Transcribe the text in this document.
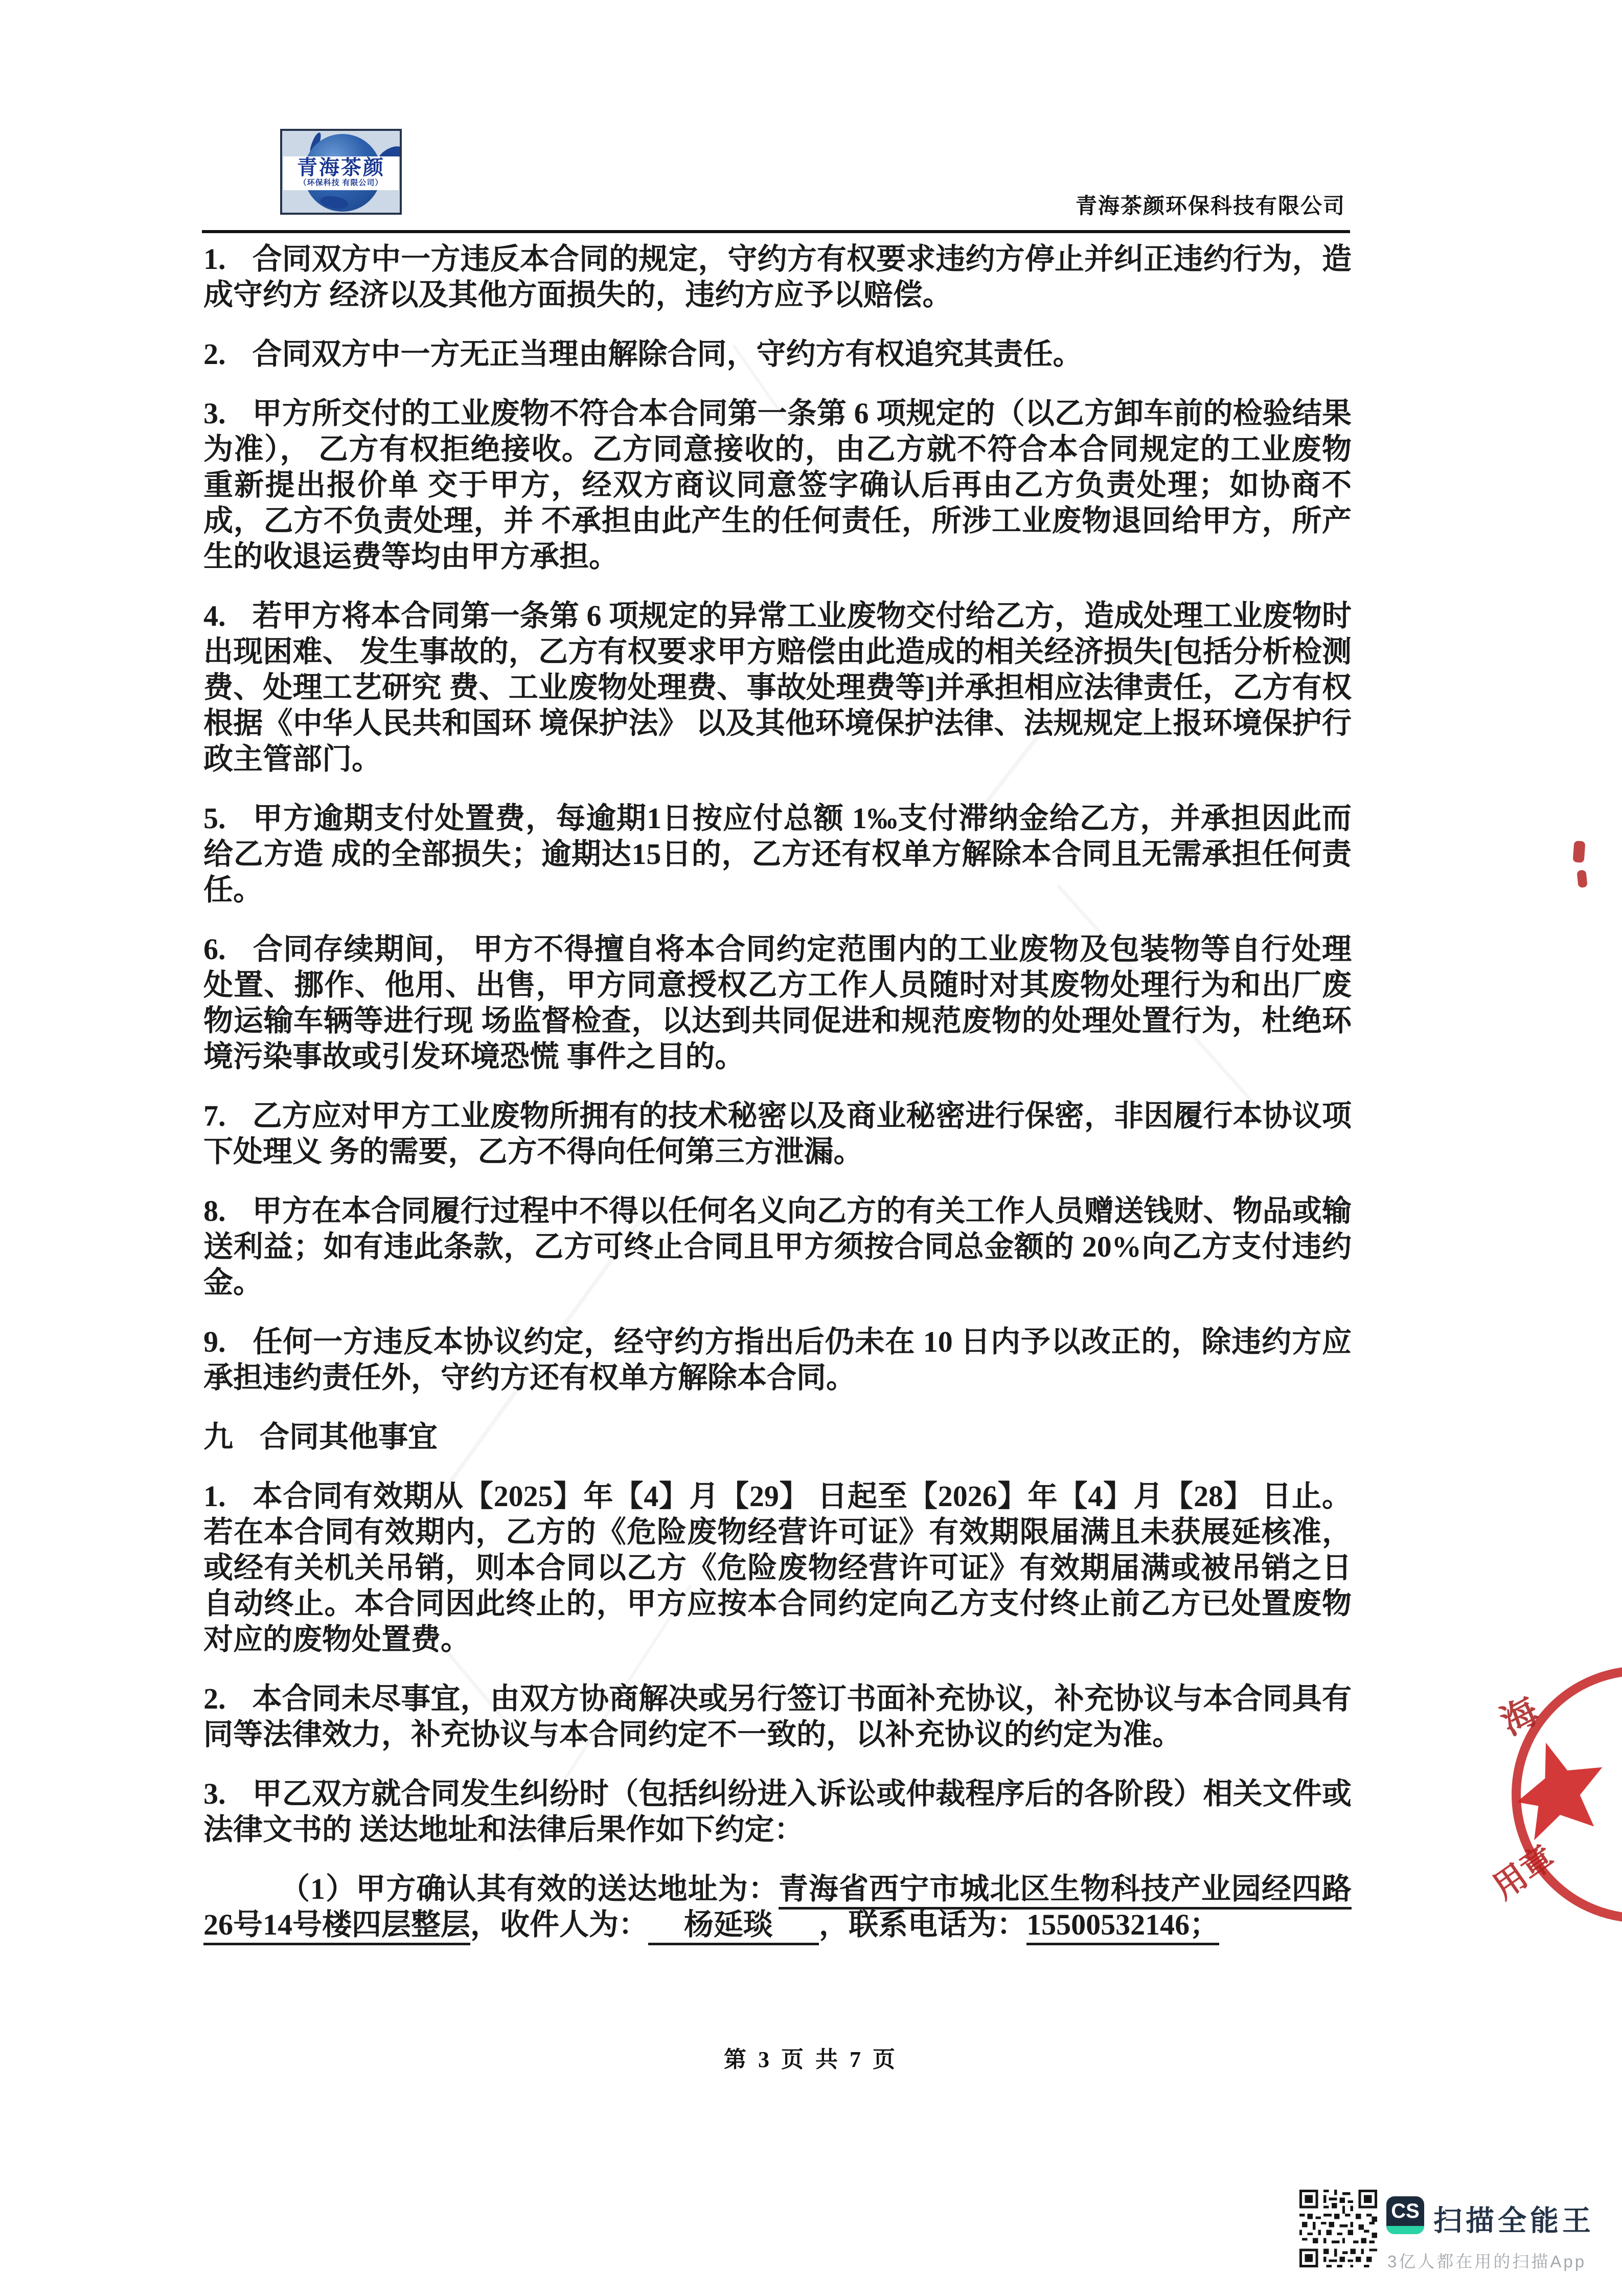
青海茶颜
（环保科技 有限公司）
青海茶颜环保科技有限公司

1. 合同双方中一方违反本合同的规定，守约方有权要求违约方停止并纠正违约行为，造成守约方 经济以及其他方面损失的，违约方应予以赔偿。

2. 合同双方中一方无正当理由解除合同，守约方有权追究其责任。

3. 甲方所交付的工业废物不符合本合同第一条第 6 项规定的（以乙方卸车前的检验结果为准）， 乙方有权拒绝接收。乙方同意接收的，由乙方就不符合本合同规定的工业废物重新提出报价单 交于甲方，经双方商议同意签字确认后再由乙方负责处理；如协商不成，乙方不负责处理，并 不承担由此产生的任何责任，所涉工业废物退回给甲方，所产生的收退运费等均由甲方承担。

4. 若甲方将本合同第一条第 6 项规定的异常工业废物交付给乙方，造成处理工业废物时出现困难、 发生事故的，乙方有权要求甲方赔偿由此造成的相关经济损失[包括分析检测费、处理工艺研究 费、工业废物处理费、事故处理费等]并承担相应法律责任，乙方有权根据《中华人民共和国环 境保护法》 以及其他环境保护法律、法规规定上报环境保护行政主管部门。

5. 甲方逾期支付处置费，每逾期1日按应付总额 1‰支付滞纳金给乙方，并承担因此而给乙方造 成的全部损失；逾期达15日的，乙方还有权单方解除本合同且无需承担任何责任。

6. 合同存续期间， 甲方不得擅自将本合同约定范围内的工业废物及包装物等自行处理处置、挪作、他用、出售，甲方同意授权乙方工作人员随时对其废物处理行为和出厂废物运输车辆等进行现 场监督检查，以达到共同促进和规范废物的处理处置行为，杜绝环境污染事故或引发环境恐慌 事件之目的。

7. 乙方应对甲方工业废物所拥有的技术秘密以及商业秘密进行保密，非因履行本协议项下处理义 务的需要，乙方不得向任何第三方泄漏。

8. 甲方在本合同履行过程中不得以任何名义向乙方的有关工作人员赠送钱财、物品或输送利益；如有违此条款，乙方可终止合同且甲方须按合同总金额的 20%向乙方支付违约金。

9. 任何一方违反本协议约定，经守约方指出后仍未在 10 日内予以改正的，除违约方应承担违约责任外，守约方还有权单方解除本合同。

九 合同其他事宜

1. 本合同有效期从【2025】年【4】月【29】 日起至【2026】年【4】月【28】 日止。若在本合同有效期内，乙方的《危险废物经营许可证》有效期限届满且未获展延核准，或经有关机关吊销，则本合同以乙方《危险废物经营许可证》有效期届满或被吊销之日自动终止。本合同因此终止的，甲方应按本合同约定向乙方支付终止前乙方已处置废物对应的废物处置费。

2. 本合同未尽事宜，由双方协商解决或另行签订书面补充协议，补充协议与本合同具有同等法律效力，补充协议与本合同约定不一致的，以补充协议的约定为准。

3. 甲乙双方就合同发生纠纷时（包括纠纷进入诉讼或仲裁程序后的各阶段）相关文件或法律文书的 送达地址和法律后果作如下约定：

（1）甲方确认其有效的送达地址为：青海省西宁市城北区生物科技产业园经四路26号14号楼四层整层，收件人为： 杨延琰 ，联系电话为：15500532146；

第 3 页 共 7 页
海
用章
CS 扫描全能王
3亿人都在用的扫描App
